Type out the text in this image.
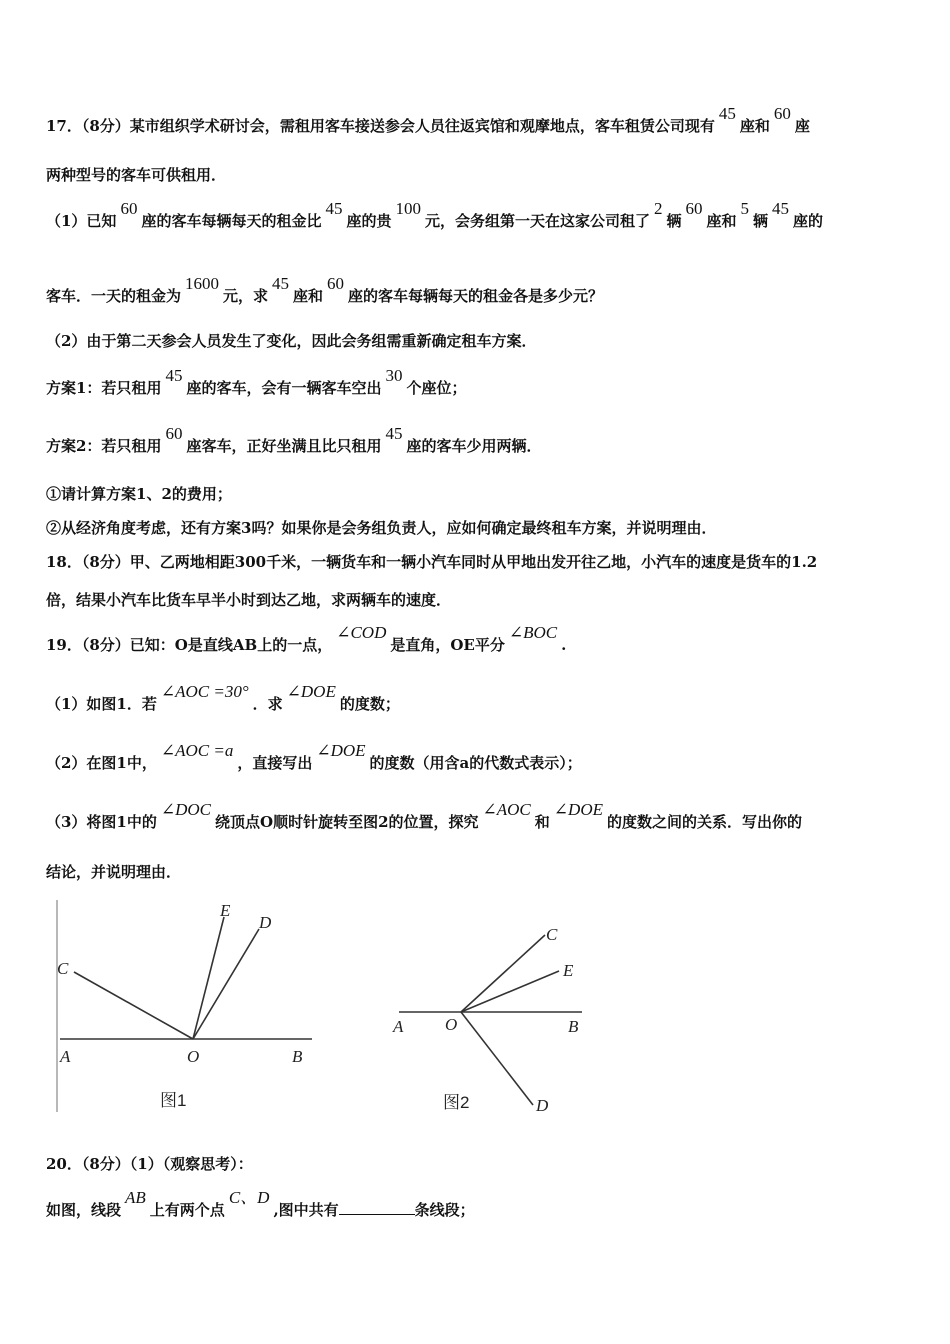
17．（8分）某市组织学术研讨会，需租用客车接送参会人员往返宾馆和观摩地点，客车租赁公司现有45座和60座
两种型号的客车可供租用．
（1）已知60座的客车每辆每天的租金比45座的贵100元，会务组第一天在这家公司租了2辆60座和5辆45座的
客车．一天的租金为1600元，求45座和60座的客车每辆每天的租金各是多少元？
（2）由于第二天参会人员发生了变化，因此会务组需重新确定租车方案．
方案1：若只租用45座的客车，会有一辆客车空出30个座位；
方案2：若只租用60座客车，正好坐满且比只租用45座的客车少用两辆．
①请计算方案1、2的费用；
②从经济角度考虑，还有方案3吗？如果你是会务组负责人，应如何确定最终租车方案，并说明理由．
18．（8分）甲、乙两地相距300千米，一辆货车和一辆小汽车同时从甲地出发开往乙地，小汽车的速度是货车的1.2
倍，结果小汽车比货车早半小时到达乙地，求两辆车的速度．
19．（8分）已知：O是直线AB上的一点，∠COD是直角，OE平分∠BOC.
（1）如图1．若∠AOC =30°．求∠DOE的度数；
（2）在图1中，∠AOC =a，直接写出∠DOE的度数（用含a的代数式表示）；
（3）将图1中的∠DOC绕顶点O顺时针旋转至图2的位置，探究∠AOC和∠DOE的度数之间的关系．写出你的
结论，并说明理由．
E
D
C
A	O	B
图1
C
E
A O	B
D
图2
20．（8分）（1）（观察思考）：
如图，线段AB上有两个点C、D,图中共有	条线段；
